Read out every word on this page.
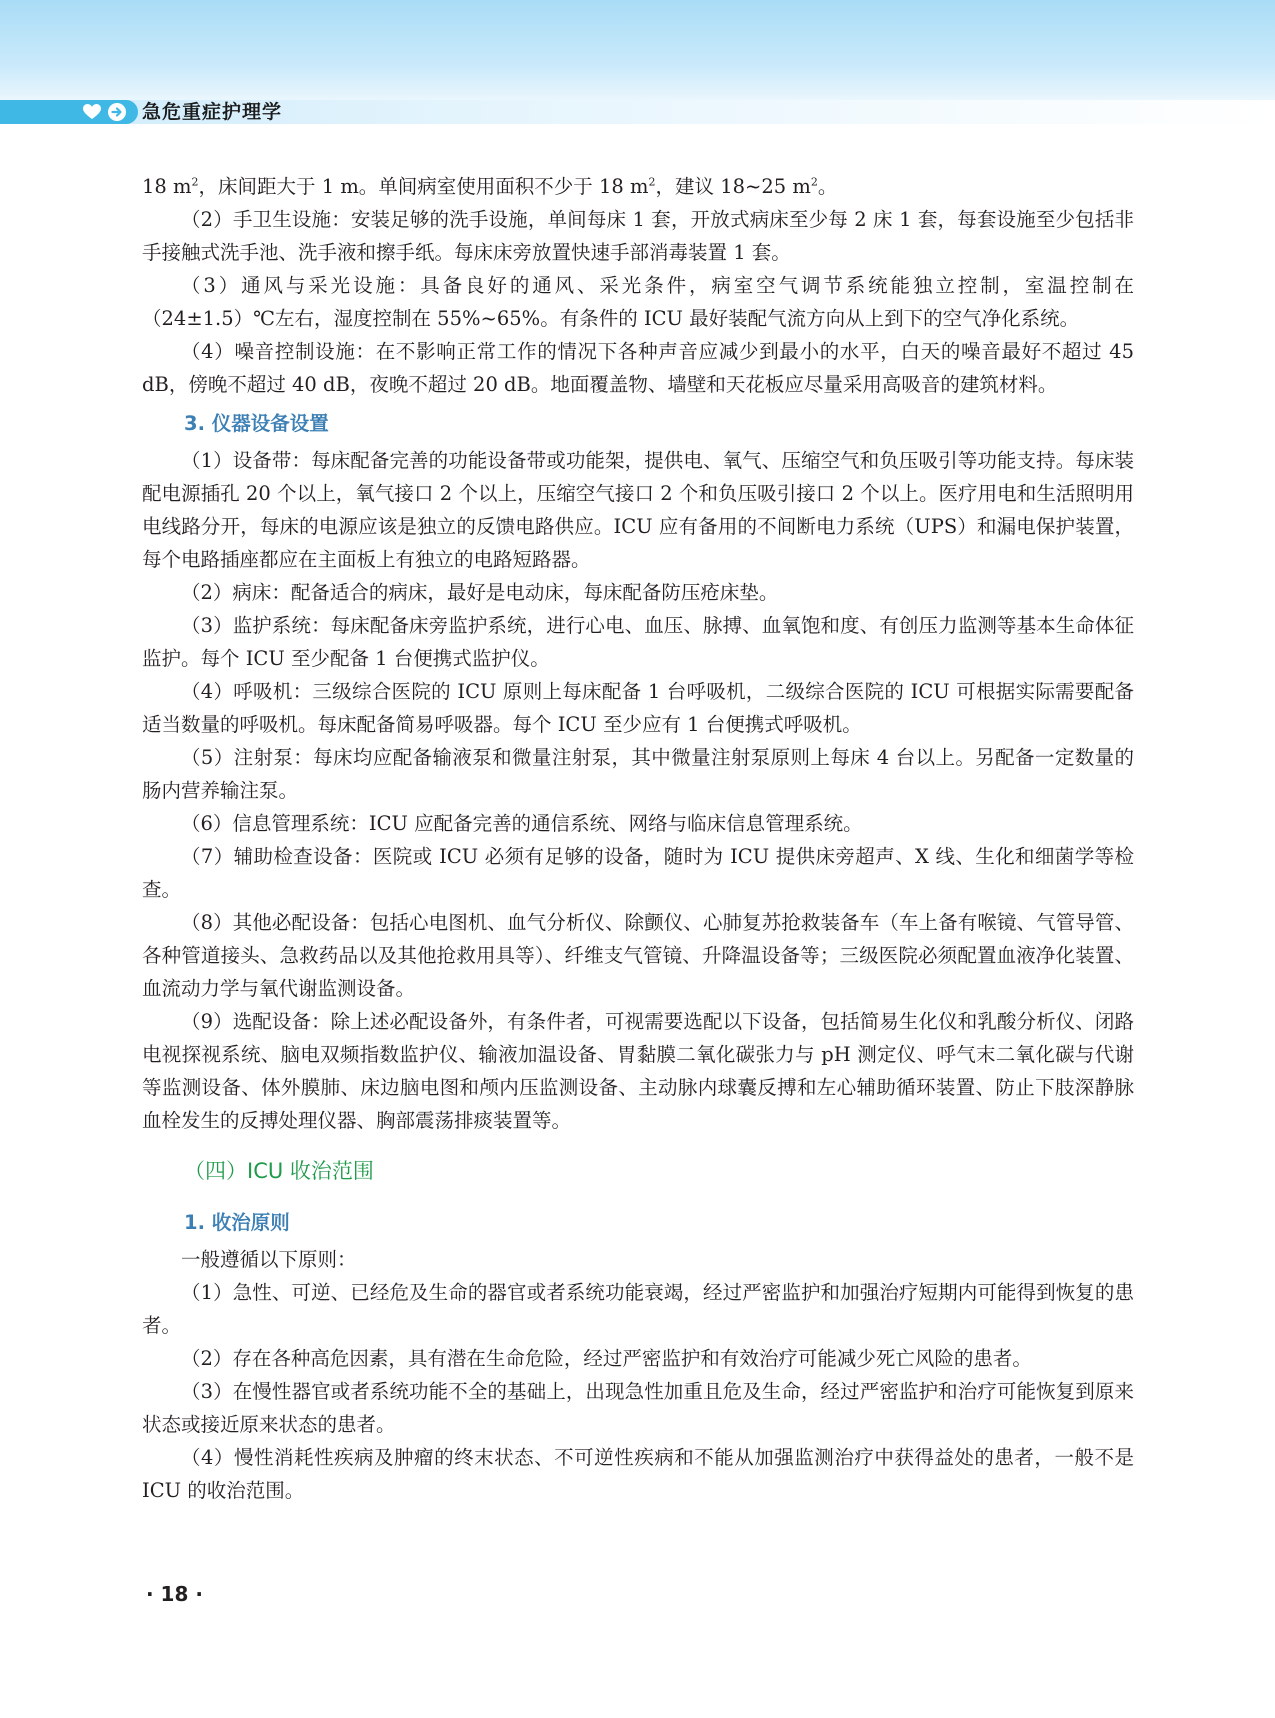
急危重症护理学

18 $m^2$，床间距大于 1 m。单间病室使用面积不少于 18 $m^2$，建议 18~25 $m^2$。

（2）手卫生设施：安装足够的洗手设施，单间每床 1 套，开放式病床至少每 2 床 1 套，每套设施至少包括非手接触式洗手池、洗手液和擦手纸。每床床旁放置快速手部消毒装置 1 套。

（3）通风与采光设施：具备良好的通风、采光条件，病室空气调节系统能独立控制，室温控制在（24±1.5）℃左右，湿度控制在 55%~65%。有条件的 ICU 最好装配气流方向从上到下的空气净化系统。

（4）噪音控制设施：在不影响正常工作的情况下各种声音应减少到最小的水平，白天的噪音最好不超过 45 dB，傍晚不超过 40 dB，夜晚不超过 20 dB。地面覆盖物、墙壁和天花板应尽量采用高吸音的建筑材料。

3. 仪器设备设置

（1）设备带：每床配备完善的功能设备带或功能架，提供电、氧气、压缩空气和负压吸引等功能支持。每床装配电源插孔 20 个以上，氧气接口 2 个以上，压缩空气接口 2 个和负压吸引接口 2 个以上。医疗用电和生活照明用电线路分开，每床的电源应该是独立的反馈电路供应。ICU 应有备用的不间断电力系统（UPS）和漏电保护装置，每个电路插座都应在主面板上有独立的电路短路器。

（2）病床：配备适合的病床，最好是电动床，每床配备防压疮床垫。

（3）监护系统：每床配备床旁监护系统，进行心电、血压、脉搏、血氧饱和度、有创压力监测等基本生命体征监护。每个 ICU 至少配备 1 台便携式监护仪。

（4）呼吸机：三级综合医院的 ICU 原则上每床配备 1 台呼吸机，二级综合医院的 ICU 可根据实际需要配备适当数量的呼吸机。每床配备简易呼吸器。每个 ICU 至少应有 1 台便携式呼吸机。

（5）注射泵：每床均应配备输液泵和微量注射泵，其中微量注射泵原则上每床 4 台以上。另配备一定数量的肠内营养输注泵。

（6）信息管理系统：ICU 应配备完善的通信系统、网络与临床信息管理系统。

（7）辅助检查设备：医院或 ICU 必须有足够的设备，随时为 ICU 提供床旁超声、X 线、生化和细菌学等检查。

（8）其他必配设备：包括心电图机、血气分析仪、除颤仪、心肺复苏抢救装备车（车上备有喉镜、气管导管、各种管道接头、急救药品以及其他抢救用具等）、纤维支气管镜、升降温设备等；三级医院必须配置血液净化装置、血流动力学与氧代谢监测设备。

（9）选配设备：除上述必配设备外，有条件者，可视需要选配以下设备，包括简易生化仪和乳酸分析仪、闭路电视探视系统、脑电双频指数监护仪、输液加温设备、胃黏膜二氧化碳张力与 pH 测定仪、呼气末二氧化碳与代谢等监测设备、体外膜肺、床边脑电图和颅内压监测设备、主动脉内球囊反搏和左心辅助循环装置、防止下肢深静脉血栓发生的反搏处理仪器、胸部震荡排痰装置等。

（四）ICU 收治范围
1. 收治原则

一般遵循以下原则：

（1）急性、可逆、已经危及生命的器官或者系统功能衰竭，经过严密监护和加强治疗短期内可能得到恢复的患者。

（2）存在各种高危因素，具有潜在生命危险，经过严密监护和有效治疗可能减少死亡风险的患者。

（3）在慢性器官或者系统功能不全的基础上，出现急性加重且危及生命，经过严密监护和治疗可能恢复到原来状态或接近原来状态的患者。

（4）慢性消耗性疾病及肿瘤的终末状态、不可逆性疾病和不能从加强监测治疗中获得益处的患者，一般不是 ICU 的收治范围。

· 18 ·
